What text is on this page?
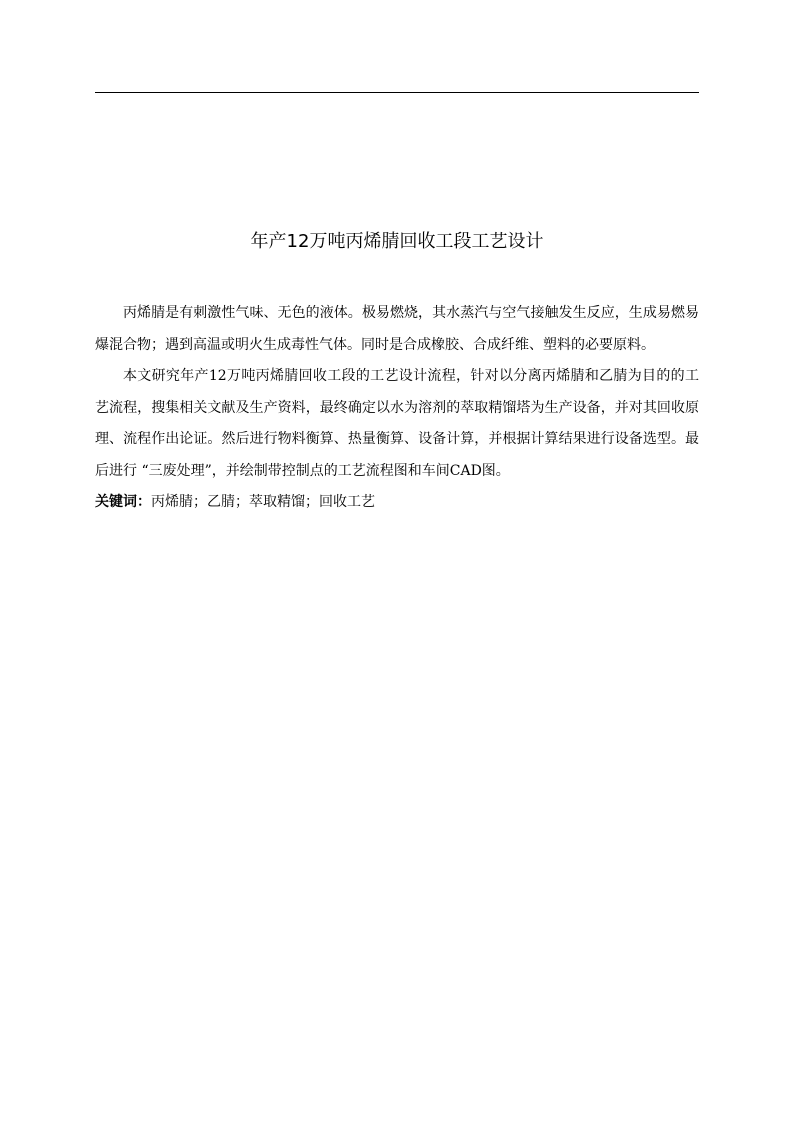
年产12万吨丙烯腈回收工段工艺设计

丙烯腈是有刺激性气味、无色的液体。极易燃烧，其水蒸汽与空气接触发生反应，生成易燃易爆混合物；遇到高温或明火生成毒性气体。同时是合成橡胶、合成纤维、塑料的必要原料。

本文研究年产12万吨丙烯腈回收工段的工艺设计流程，针对以分离丙烯腈和乙腈为目的的工艺流程，搜集相关文献及生产资料，最终确定以水为溶剂的萃取精馏塔为生产设备，并对其回收原理、流程作出论证。然后进行物料衡算、热量衡算、设备计算，并根据计算结果进行设备选型。最后进行 “三废处理”，并绘制带控制点的工艺流程图和车间CAD图。

关键词：丙烯腈；乙腈；萃取精馏；回收工艺
